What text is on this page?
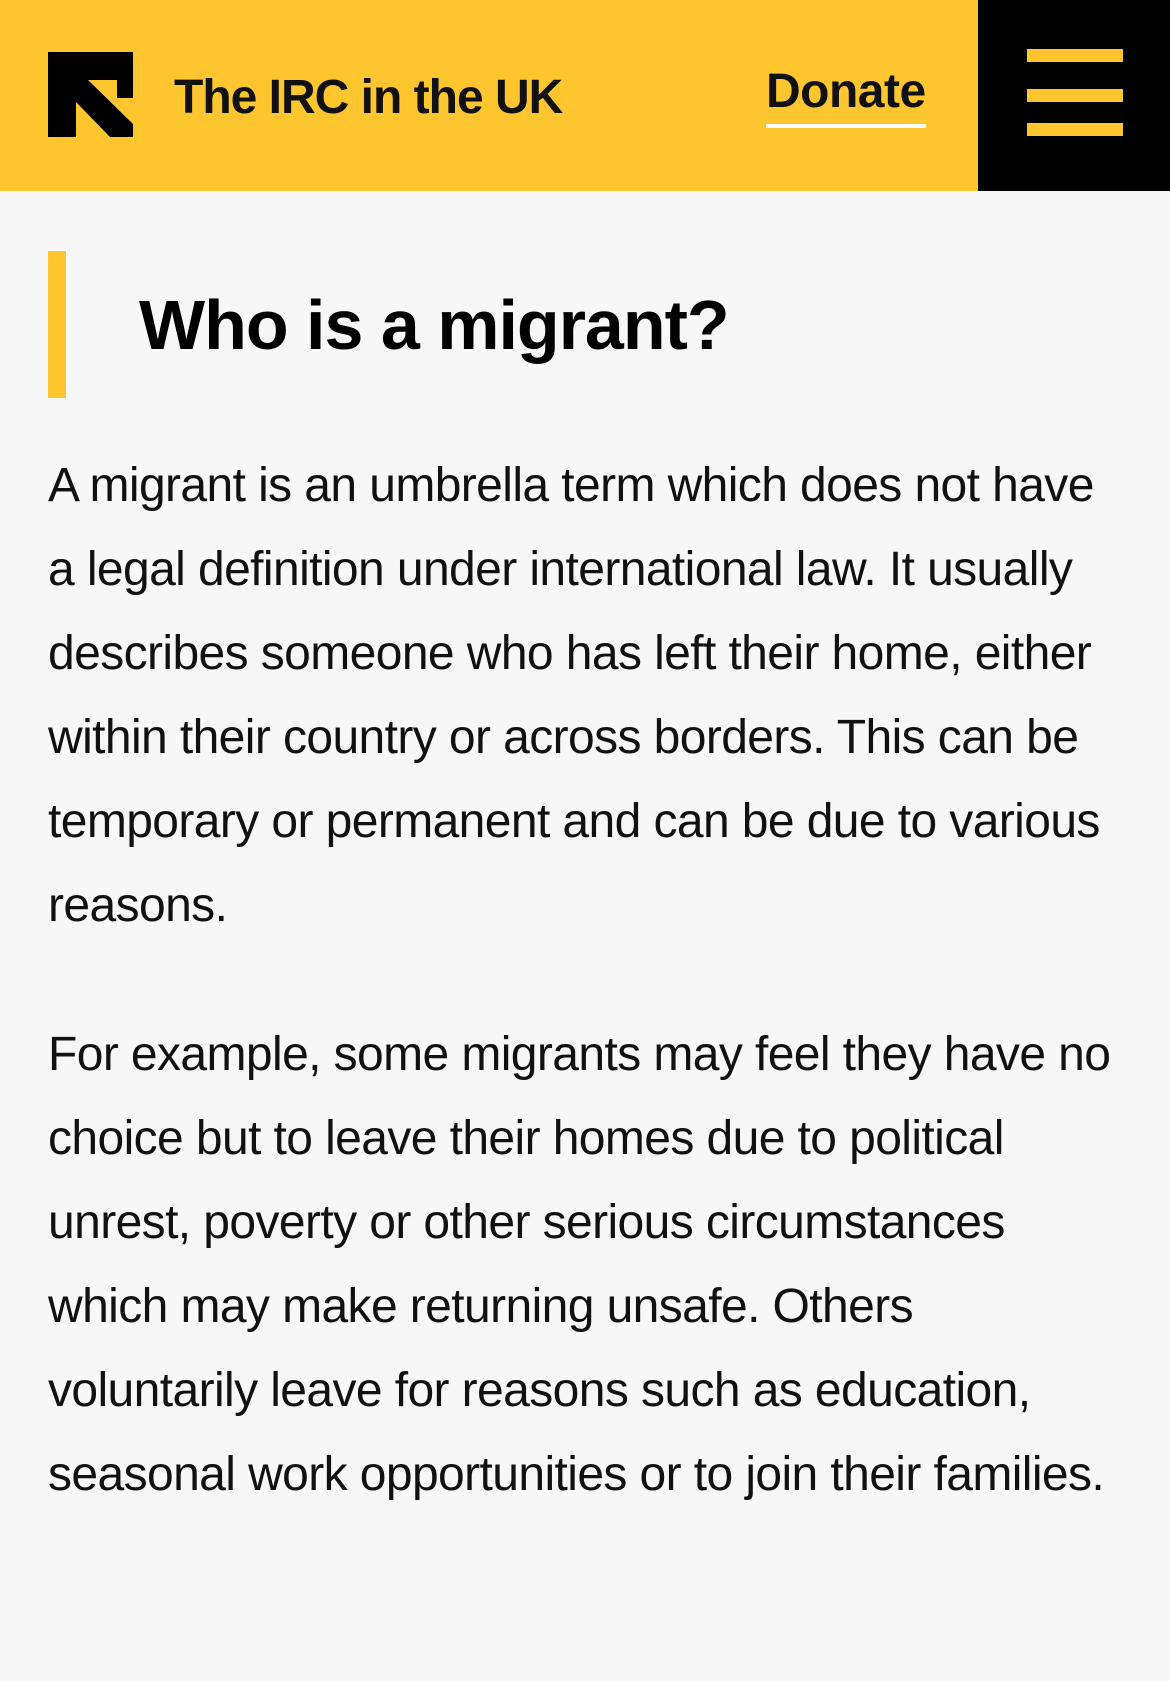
The IRC in the UK	Donate
Who is a migrant?

A migrant is an umbrella term which does not have a legal definition under international law. It usually describes someone who has left their home, either within their country or across borders. This can be temporary or permanent and can be due to various reasons.

For example, some migrants may feel they have no choice but to leave their homes due to political unrest, poverty or other serious circumstances which may make returning unsafe. Others voluntarily leave for reasons such as education, seasonal work opportunities or to join their families.
